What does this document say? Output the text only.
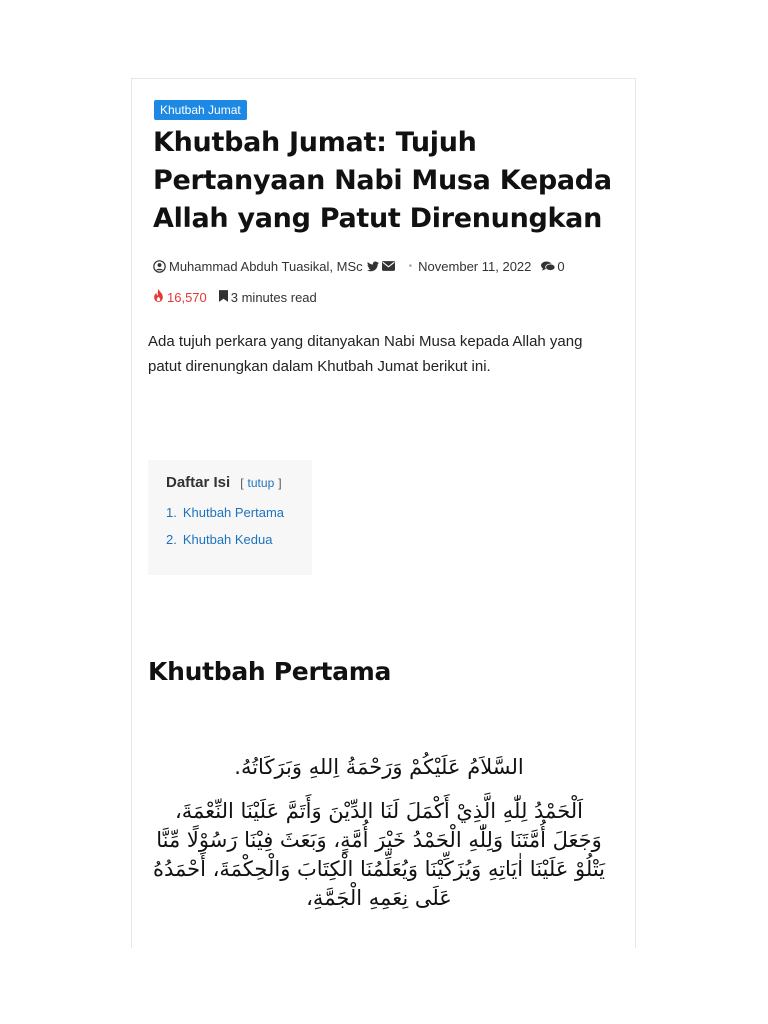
Khutbah Jumat
Khutbah Jumat: Tujuh Pertanyaan Nabi Musa Kepada Allah yang Patut Direnungkan
Muhammad Abduh Tuasikal, MSc	• November 11, 2022 0
16,570 3 minutes read

Ada tujuh perkara yang ditanyakan Nabi Musa kepada Allah yang patut direnungkan dalam Khutbah Jumat berikut ini.

Daftar Isi [ tutup ]
1. Khutbah Pertama
2. Khutbah Kedua
Khutbah Pertama

السَّلاَمُ عَلَيْكُمْ وَرَحْمَةُ اِللهِ وَبَرَكَاتُهُ.

اَلْحَمْدُ لِلّٰهِ الَّذِيْ أَكْمَلَ لَنَا الدِّيْنَ وَأَتَمَّ عَلَيْنَا النِّعْمَةَ، وَجَعَلَ أُمَّتَنَا وَلِلّٰهِ الْحَمْدُ خَيْرَ أُمَّةٍ، وَبَعَثَ فِيْنَا رَسُوْلًا مِّنَّا يَتْلُوْ عَلَيْنَا اٰيَاتِهِ وَيُزَكِّيْنَا وَيُعَلِّمُنَا الْكِتَابَ وَالْحِكْمَةَ، أَحْمَدُهُ عَلَى نِعَمِهِ الْجَمَّةِ،
